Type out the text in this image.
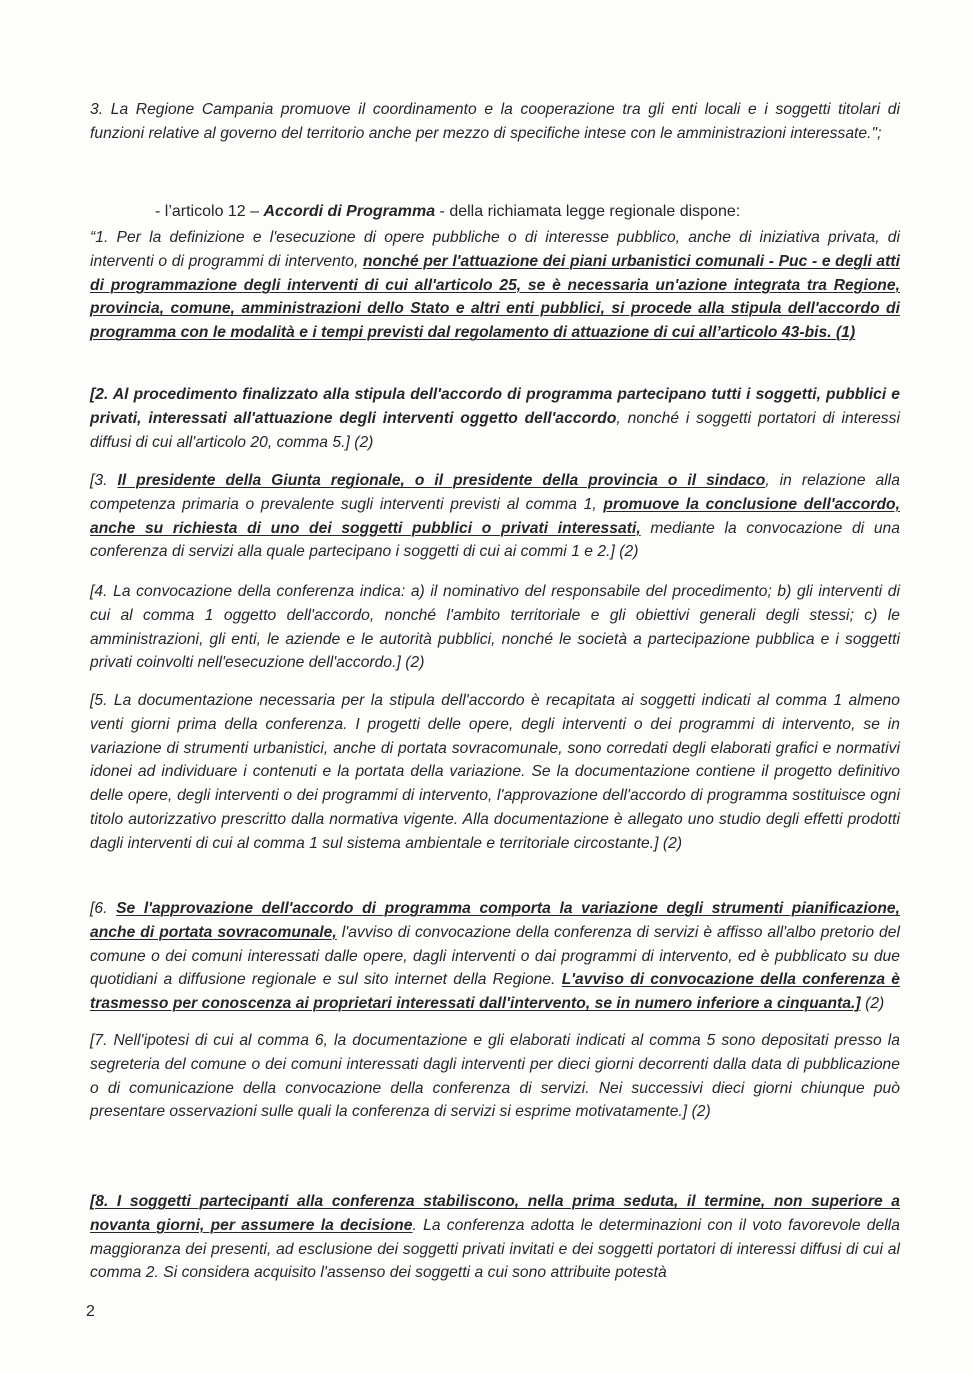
3. La Regione Campania promuove il coordinamento e la cooperazione tra gli enti locali e i soggetti titolari di funzioni relative al governo del territorio anche per mezzo di specifiche intese con le amministrazioni interessate.";

- l’articolo 12 – Accordi di Programma - della richiamata legge regionale dispone:

“1. Per la definizione e l'esecuzione di opere pubbliche o di interesse pubblico, anche di iniziativa privata, di interventi o di programmi di intervento, nonché per l'attuazione dei piani urbanistici comunali - Puc - e degli atti di programmazione degli interventi di cui all'articolo 25, se è necessaria un'azione integrata tra Regione, provincia, comune, amministrazioni dello Stato e altri enti pubblici, si procede alla stipula dell'accordo di programma con le modalità e i tempi previsti dal regolamento di attuazione di cui all’articolo 43-bis. (1)

[2. Al procedimento finalizzato alla stipula dell'accordo di programma partecipano tutti i soggetti, pubblici e privati, interessati all'attuazione degli interventi oggetto dell'accordo, nonché i soggetti portatori di interessi diffusi di cui all'articolo 20, comma 5.] (2)

[3. Il presidente della Giunta regionale, o il presidente della provincia o il sindaco, in relazione alla competenza primaria o prevalente sugli interventi previsti al comma 1, promuove la conclusione dell'accordo, anche su richiesta di uno dei soggetti pubblici o privati interessati, mediante la convocazione di una conferenza di servizi alla quale partecipano i soggetti di cui ai commi 1 e 2.] (2)

[4. La convocazione della conferenza indica: a) il nominativo del responsabile del procedimento; b) gli interventi di cui al comma 1 oggetto dell'accordo, nonché l'ambito territoriale e gli obiettivi generali degli stessi; c) le amministrazioni, gli enti, le aziende e le autorità pubblici, nonché le società a partecipazione pubblica e i soggetti privati coinvolti nell'esecuzione dell'accordo.] (2)

[5. La documentazione necessaria per la stipula dell'accordo è recapitata ai soggetti indicati al comma 1 almeno venti giorni prima della conferenza. I progetti delle opere, degli interventi o dei programmi di intervento, se in variazione di strumenti urbanistici, anche di portata sovracomunale, sono corredati degli elaborati grafici e normativi idonei ad individuare i contenuti e la portata della variazione. Se la documentazione contiene il progetto definitivo delle opere, degli interventi o dei programmi di intervento, l'approvazione dell'accordo di programma sostituisce ogni titolo autorizzativo prescritto dalla normativa vigente. Alla documentazione è allegato uno studio degli effetti prodotti dagli interventi di cui al comma 1 sul sistema ambientale e territoriale circostante.] (2)

[6. Se l'approvazione dell'accordo di programma comporta la variazione degli strumenti pianificazione, anche di portata sovracomunale, l'avviso di convocazione della conferenza di servizi è affisso all'albo pretorio del comune o dei comuni interessati dalle opere, dagli interventi o dai programmi di intervento, ed è pubblicato su due quotidiani a diffusione regionale e sul sito internet della Regione. L'avviso di convocazione della conferenza è trasmesso per conoscenza ai proprietari interessati dall'intervento, se in numero inferiore a cinquanta.] (2)

[7. Nell'ipotesi di cui al comma 6, la documentazione e gli elaborati indicati al comma 5 sono depositati presso la segreteria del comune o dei comuni interessati dagli interventi per dieci giorni decorrenti dalla data di pubblicazione o di comunicazione della convocazione della conferenza di servizi. Nei successivi dieci giorni chiunque può presentare osservazioni sulle quali la conferenza di servizi si esprime motivatamente.] (2)

[8. I soggetti partecipanti alla conferenza stabiliscono, nella prima seduta, il termine, non superiore a novanta giorni, per assumere la decisione. La conferenza adotta le determinazioni con il voto favorevole della maggioranza dei presenti, ad esclusione dei soggetti privati invitati e dei soggetti portatori di interessi diffusi di cui al comma 2. Si considera acquisito l'assenso dei soggetti a cui sono attribuite potestà

2
